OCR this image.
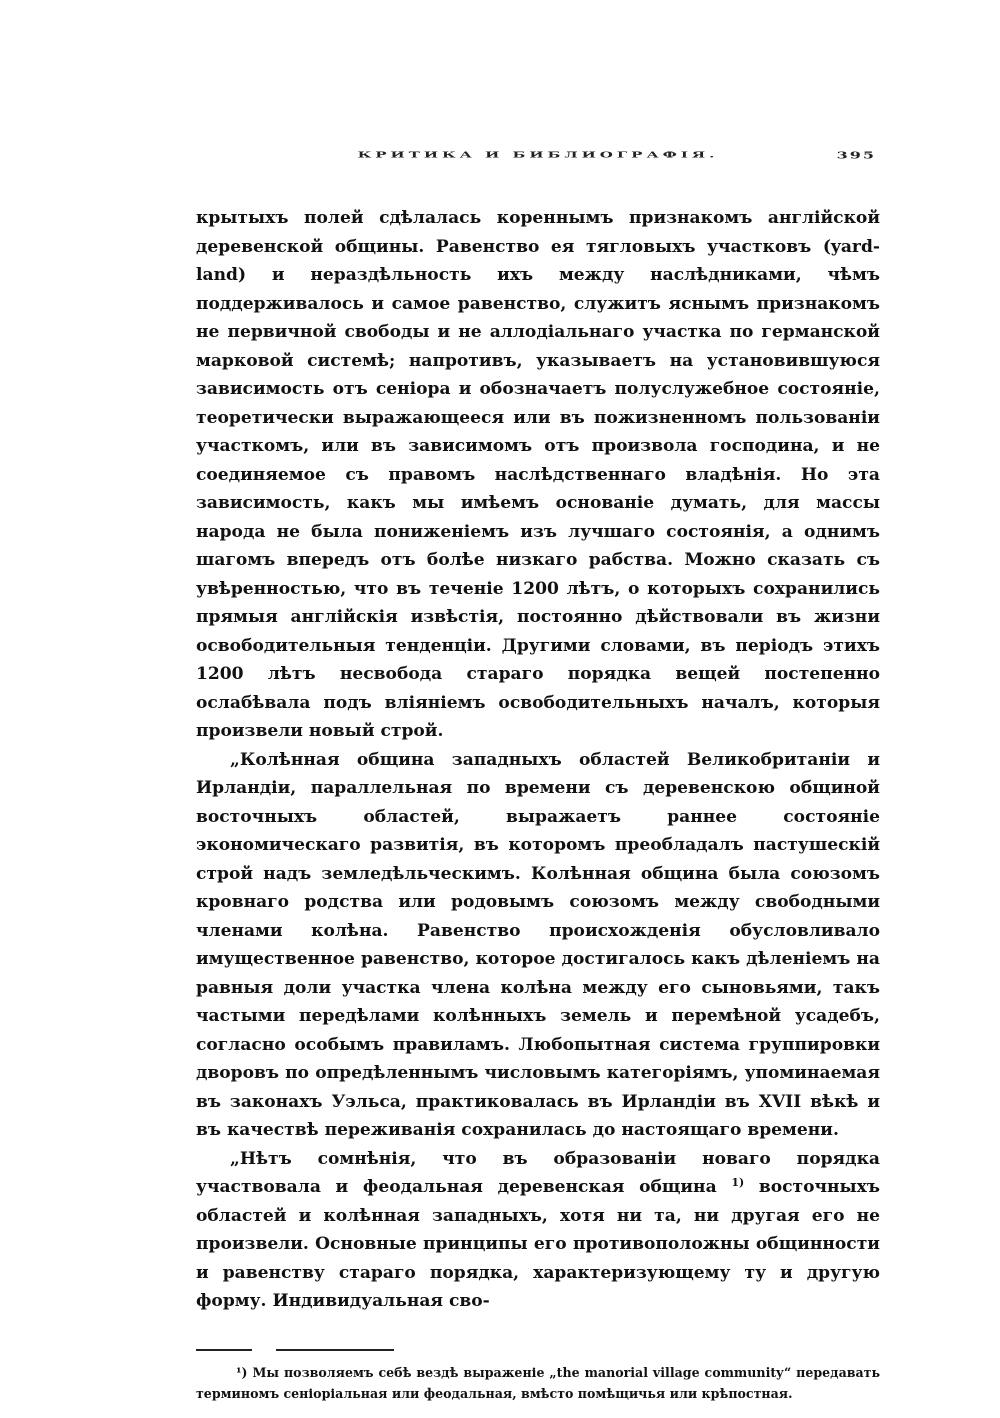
КРИТИКА И БИБЛИОГРАФІЯ.	395

крытыхъ полей сдѣлалась кореннымъ признакомъ англійской деревенской общины. Равенство ея тягловыхъ участковъ (yard-land) и нераздѣльность ихъ между наслѣдниками, чѣмъ поддерживалось и самое равенство, служитъ яснымъ признакомъ не первичной свободы и не аллодіальнаго участка по германской марковой системѣ; напротивъ, указываетъ на установившуюся зависимость отъ сеніора и обозначаетъ полуслужебное состояніе, теоретически выражающееся или въ пожизненномъ пользованіи участкомъ, или въ зависимомъ отъ произвола господина, и не соединяемое съ правомъ наслѣдственнаго владѣнія. Но эта зависимость, какъ мы имѣемъ основаніе думать, для массы народа не была пониженіемъ изъ лучшаго состоянія, а однимъ шагомъ впередъ отъ болѣе низкаго рабства. Можно сказать съ увѣренностью, что въ теченіе 1200 лѣтъ, о которыхъ сохранились прямыя англійскія извѣстія, постоянно дѣйствовали въ жизни освободительныя тенденціи. Другими словами, въ періодъ этихъ 1200 лѣтъ несвобода стараго порядка вещей постепенно ослабѣвала подъ вліяніемъ освободительныхъ началъ, которыя произвели новый строй.

„Колѣнная община западныхъ областей Великобританіи и Ирландіи, параллельная по времени съ деревенскою общиной восточныхъ областей, выражаетъ раннее состояніе экономическаго развитія, въ которомъ преобладалъ пастушескій строй надъ земледѣльческимъ. Колѣнная община была союзомъ кровнаго родства или родовымъ союзомъ между свободными членами колѣна. Равенство происхожденія обусловливало имущественное равенство, которое достигалось какъ дѣленіемъ на равныя доли участка члена колѣна между его сыновьями, такъ частыми передѣлами колѣнныхъ земель и перемѣной усадебъ, согласно особымъ правиламъ. Любопытная система группировки дворовъ по опредѣленнымъ числовымъ категоріямъ, упоминаемая въ законахъ Уэльса, практиковалась въ Ирландіи въ XVII вѣкѣ и въ качествѣ переживанія сохранилась до настоящаго времени.

„Нѣтъ сомнѣнія, что въ образованіи новаго порядка участвовала и феодальная деревенская община $^{1)}$ восточныхъ областей и колѣнная западныхъ, хотя ни та, ни другая его не произвели. Основные принципы его противоположны общинности и равенству стараго порядка, характеризующему ту и другую форму. Индивидуальная сво-

¹) Мы позволяемъ себѣ вездѣ выраженіе „the manorial village community“ передавать терминомъ сеніоріальная или феодальная, вмѣсто помѣщичья или крѣпостная.
